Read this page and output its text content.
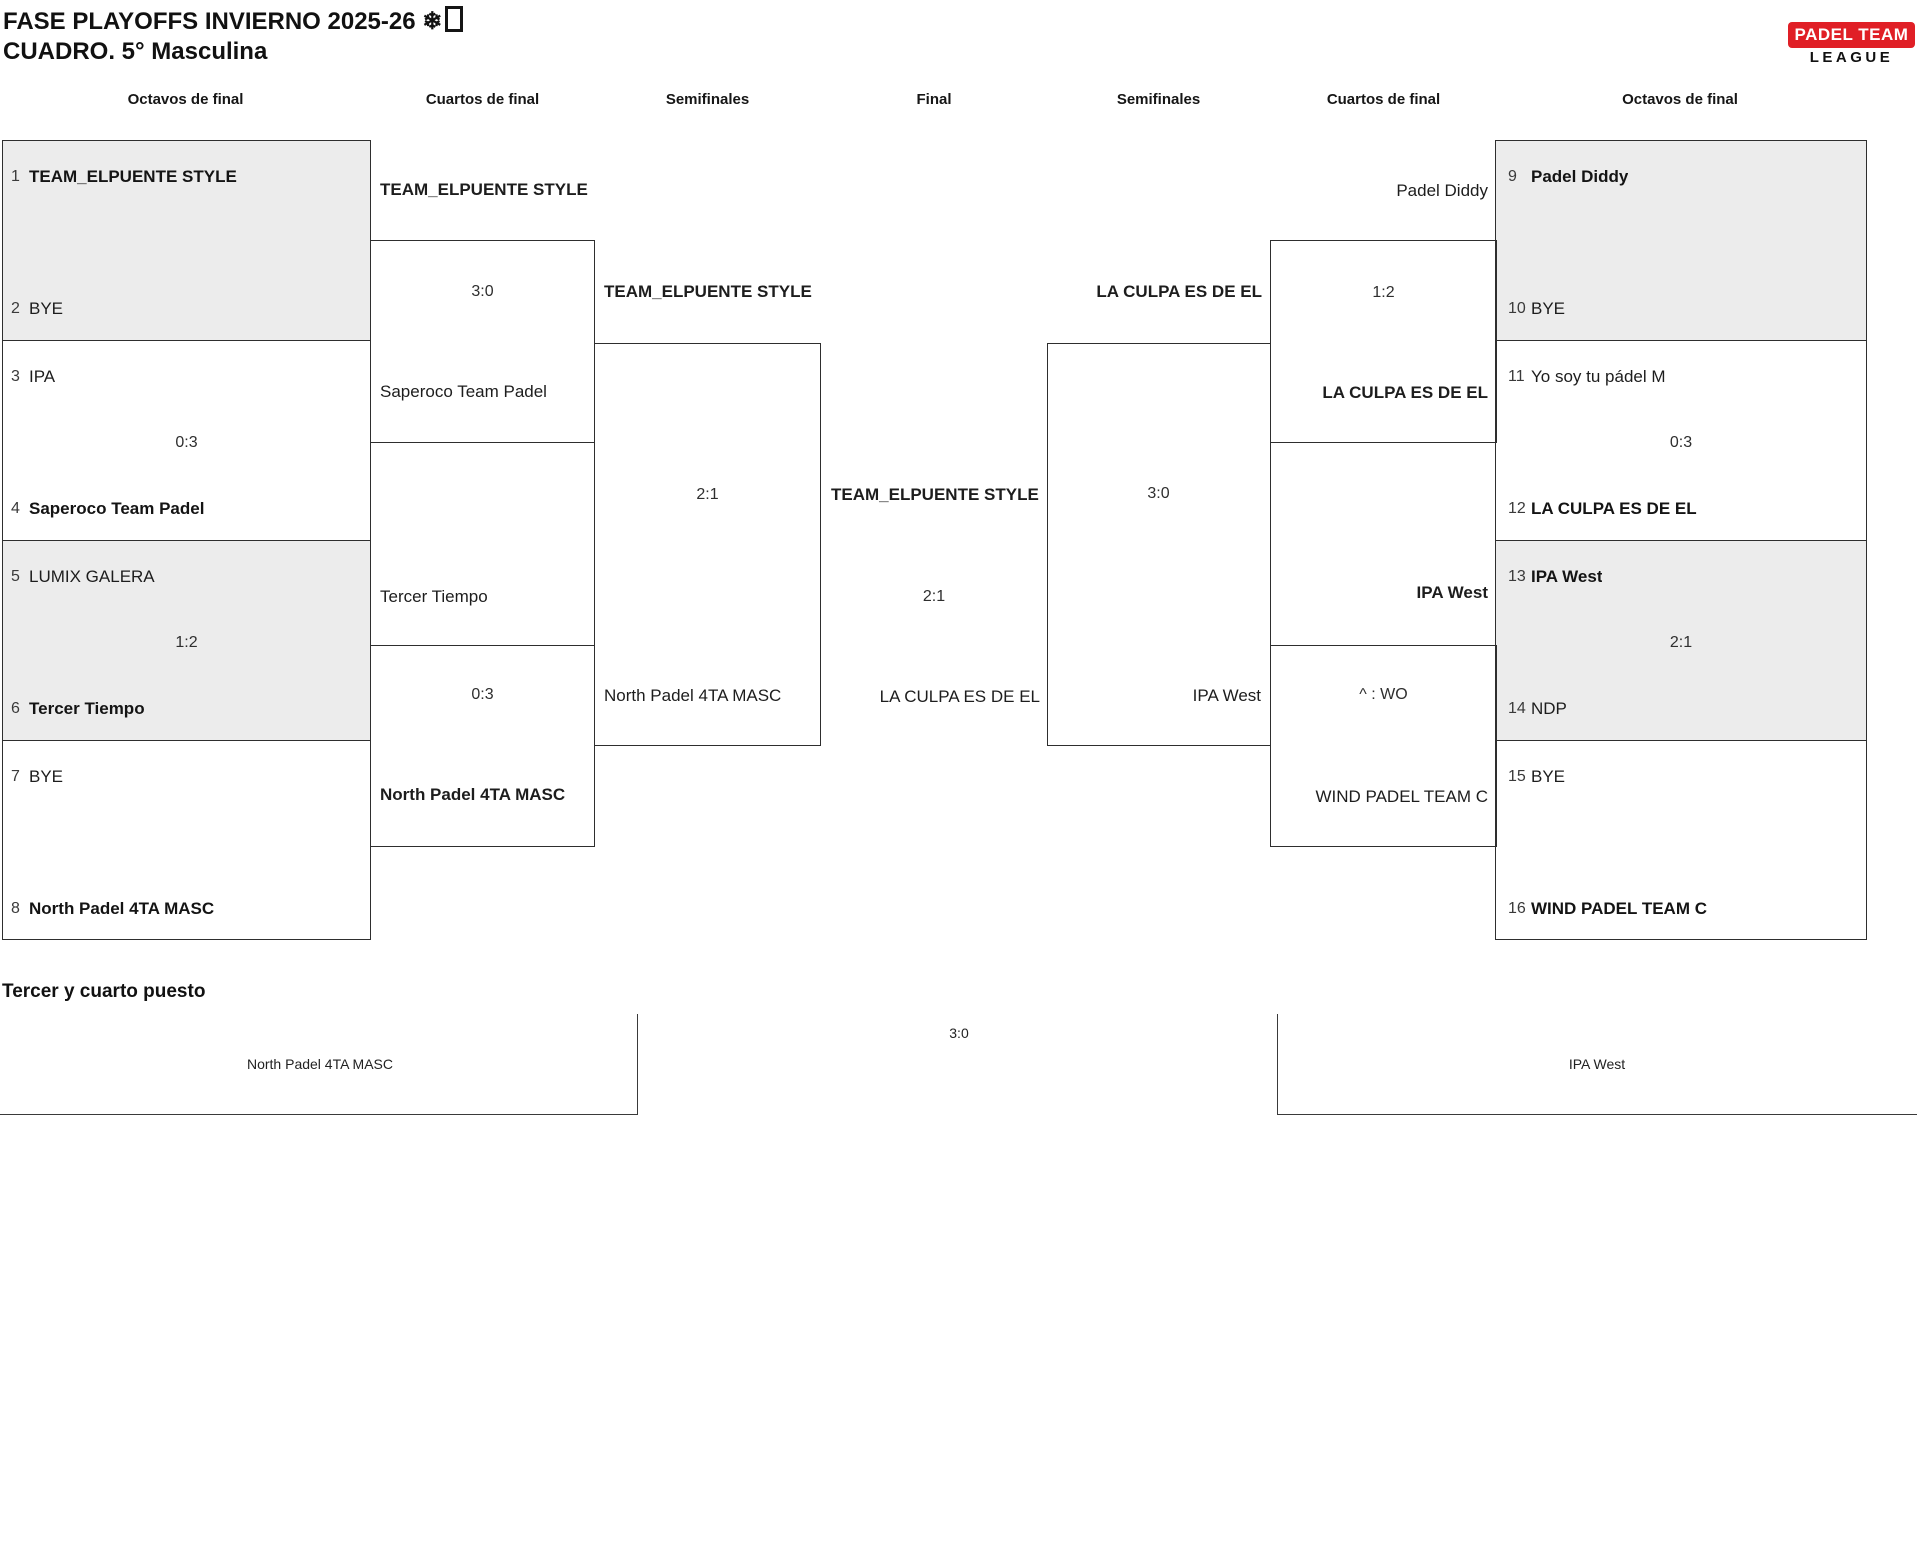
FASE PLAYOFFS INVIERNO 2025-26 ❄
CUADRO. 5° Masculina
PADEL TEAM
LEAGUE
Octavos de final	Cuartos de final	Semifinales	Final	Semifinales	Cuartos de final	Octavos de final
1 TEAM_ELPUENTE STYLE
2 BYE
3 IPA
0:3
4 Saperoco Team Padel
5 LUMIX GALERA
1:2
6 Tercer Tiempo
7 BYE
8 North Padel 4TA MASC
9 Padel Diddy
10 BYE
11 Yo soy tu pádel M
0:3
12 LA CULPA ES DE EL
13 IPA West
2:1
14 NDP
15 BYE
16 WIND PADEL TEAM C
TEAM_ELPUENTE STYLE
3:0
Saperoco Team Padel
Tercer Tiempo
0:3
North Padel 4TA MASC
TEAM_ELPUENTE STYLE
2:1
North Padel 4TA MASC
TEAM_ELPUENTE STYLE
2:1
LA CULPA ES DE EL
LA CULPA ES DE EL
3:0
IPA West
Padel Diddy
1:2
LA CULPA ES DE EL
IPA West
^ : WO
WIND PADEL TEAM C
Tercer y cuarto puesto
North Padel 4TA MASC
3:0
IPA West
